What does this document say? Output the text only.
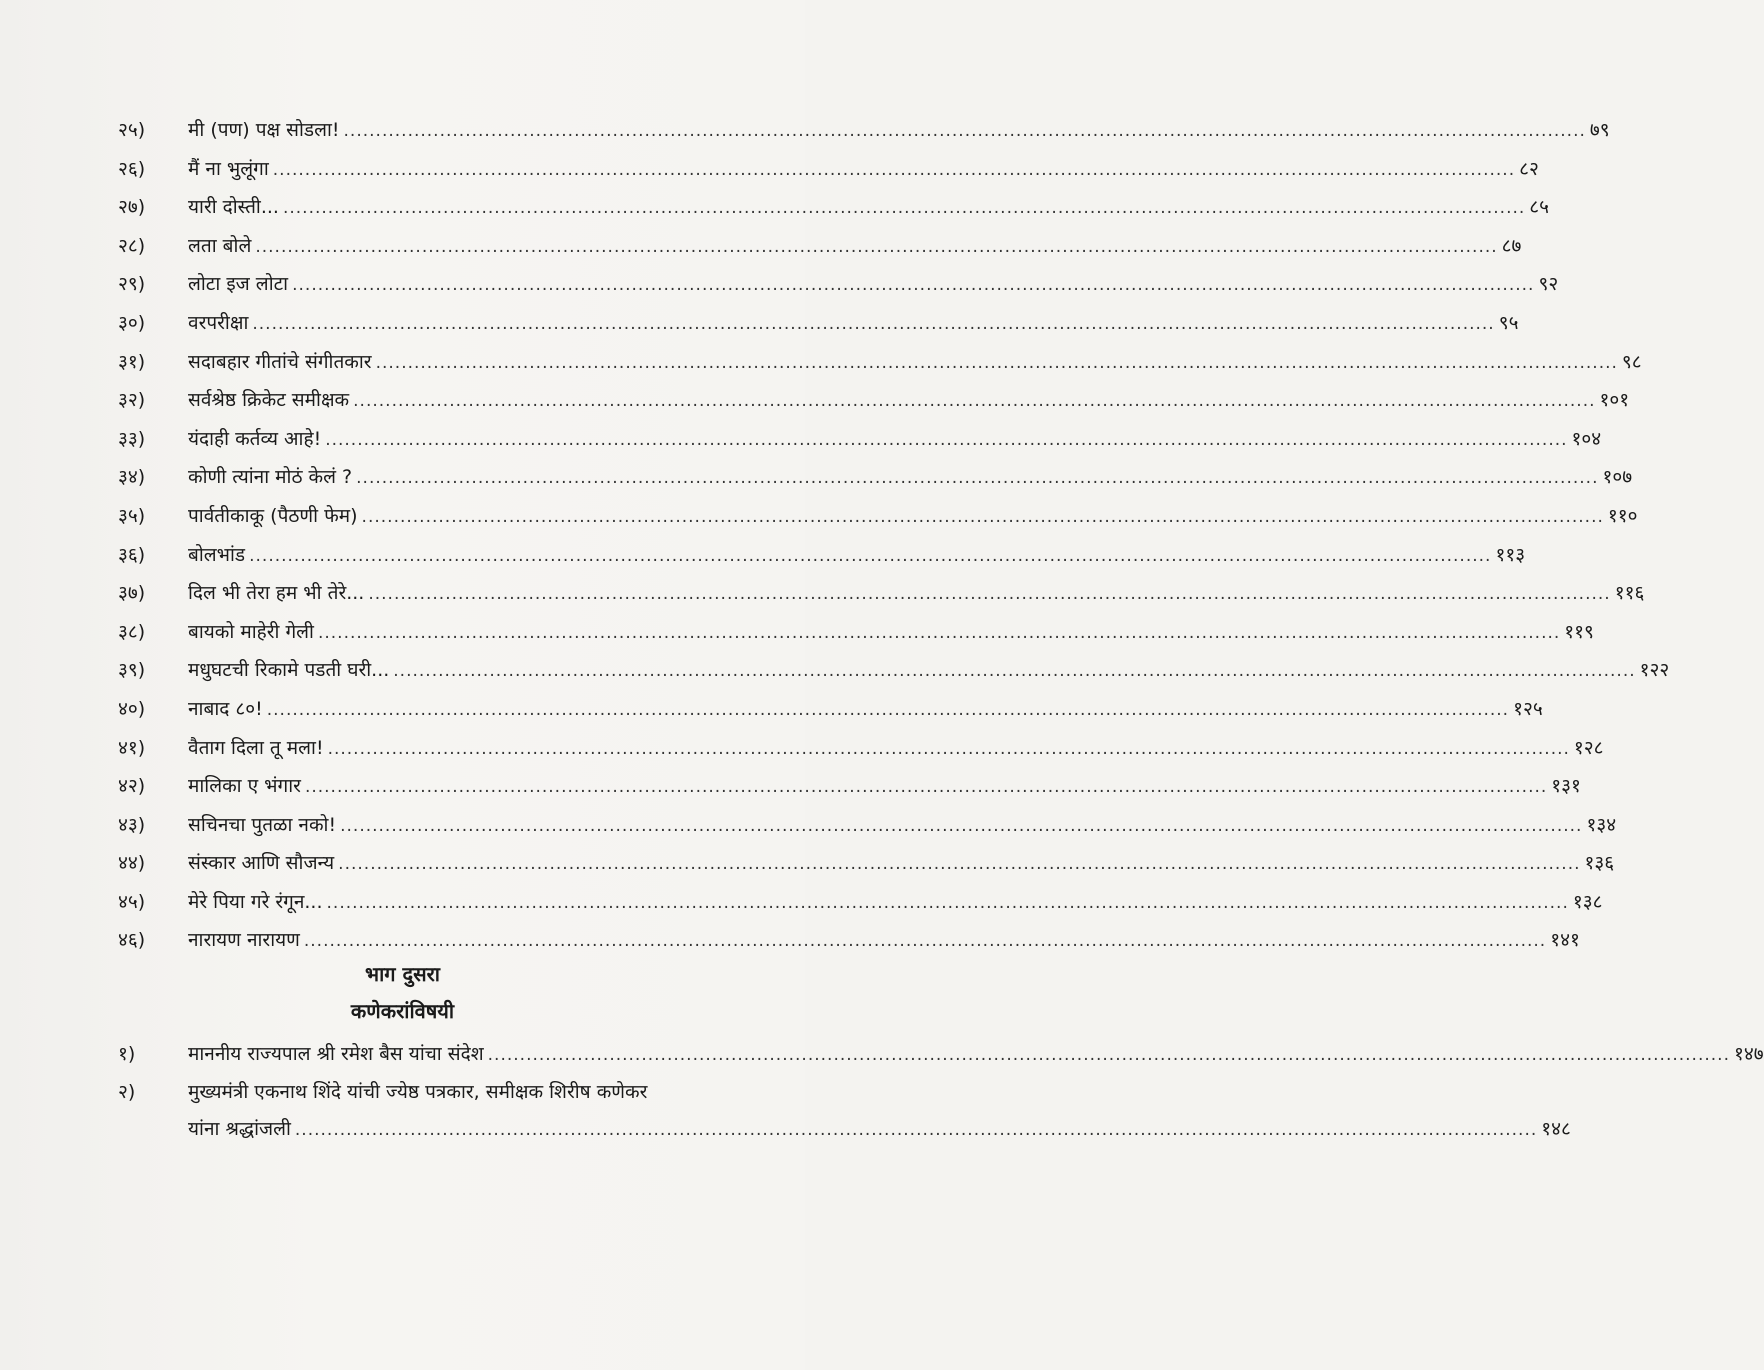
२५)	मी (पण) पक्ष सोडला! .....	७९
२६)	मैं ना भुलूंगा .....	८२
२७)	यारी दोस्ती... .....	८५
२८)	लता बोले .....	८७
२९)	लोटा इज लोटा .....	९२
३०)	वरपरीक्षा .....	९५
३१)	सदाबहार गीतांचे संगीतकार .....	९८
३२)	सर्वश्रेष्ठ क्रिकेट समीक्षक .....	१०१
३३)	यंदाही कर्तव्य आहे! .....	१०४
३४)	कोणी त्यांना मोठं केलं ? .....	१०७
३५)	पार्वतीकाकू (पैठणी फेम) .....	११०
३६)	बोलभांड .....	११३
३७)	दिल भी तेरा हम भी तेरे... .....	११६
३८)	बायको माहेरी गेली .....	११९
३९)	मधुघटची रिकामे पडती घरी... .....	१२२
४०)	नाबाद ८०! .....	१२५
४१)	वैताग दिला तू मला! .....	१२८
४२)	मालिका ए भंगार .....	१३१
४३)	सचिनचा पुतळा नको! .....	१३४
४४)	संस्कार आणि सौजन्य .....	१३६
४५)	मेरे पिया गरे रंगून... .....	१३८
४६)	नारायण नारायण .....	१४१
भाग दुसरा
कणेकरांविषयी
१)	माननीय राज्यपाल श्री रमेश बैस यांचा संदेश .....	१४७
२)	मुख्यमंत्री एकनाथ शिंदे यांची ज्येष्ठ पत्रकार, समीक्षक शिरीष कणेकर
यांना श्रद्धांजली .....	१४८
